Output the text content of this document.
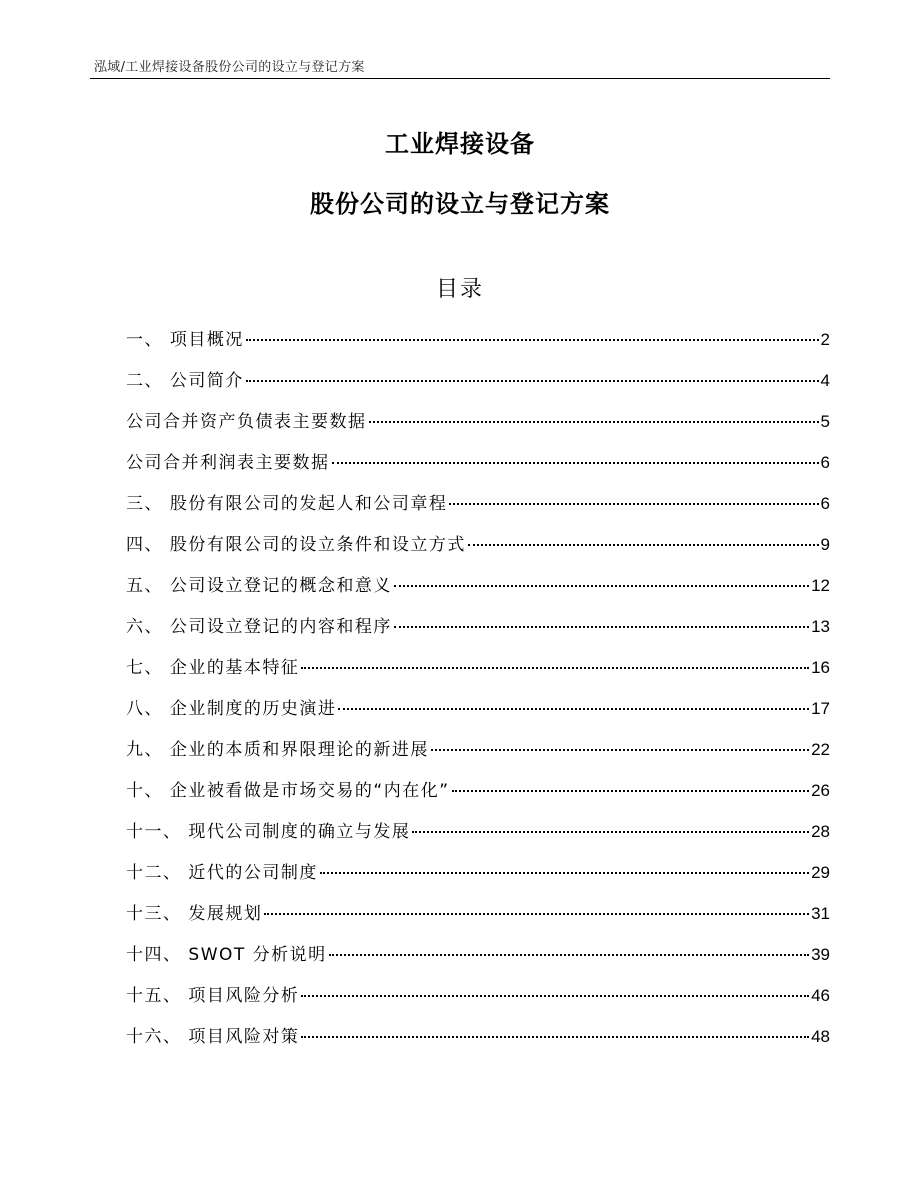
泓域/工业焊接设备股份公司的设立与登记方案
工业焊接设备
股份公司的设立与登记方案
目录
一、 项目概况	2
二、 公司简介	4
公司合并资产负债表主要数据	5
公司合并利润表主要数据	6
三、 股份有限公司的发起人和公司章程	6
四、 股份有限公司的设立条件和设立方式	9
五、 公司设立登记的概念和意义	12
六、 公司设立登记的内容和程序	13
七、 企业的基本特征	16
八、 企业制度的历史演进	17
九、 企业的本质和界限理论的新进展	22
十、 企业被看做是市场交易的“内在化”	26
十一、 现代公司制度的确立与发展	28
十二、 近代的公司制度	29
十三、 发展规划	31
十四、 SWOT 分析说明	39
十五、 项目风险分析	46
十六、 项目风险对策	48
